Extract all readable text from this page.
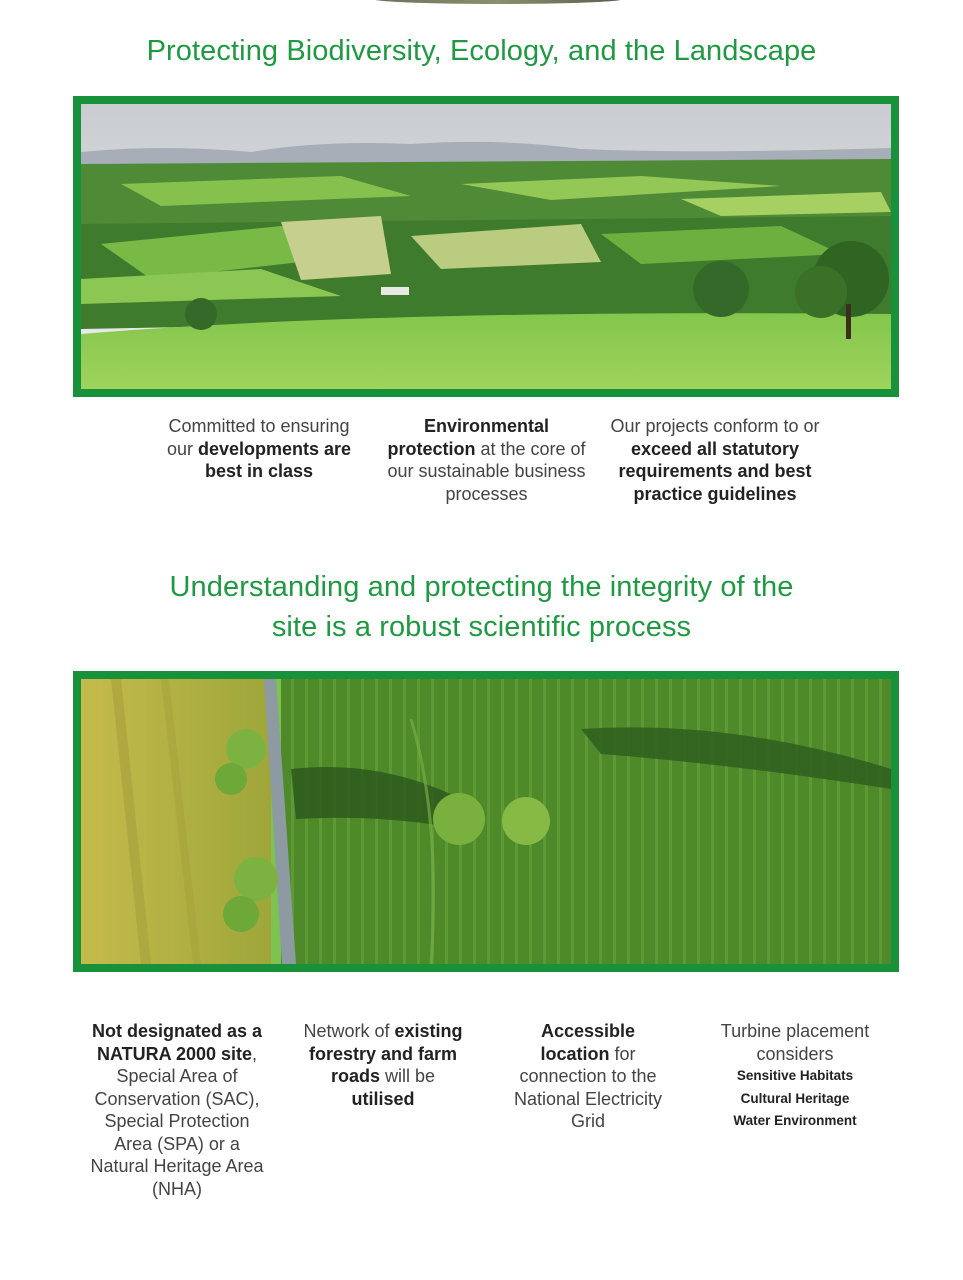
Protecting Biodiversity, Ecology, and the Landscape
Committed to ensuring our developments are best in class
Environmental protection at the core of our sustainable business processes
Our projects conform to or exceed all statutory requirements and best practice guidelines
Understanding and protecting the integrity of the
site is a robust scientific process
Not designated as a NATURA 2000 site, Special Area of Conservation (SAC), Special Protection Area (SPA) or a Natural Heritage Area (NHA)
Network of existing forestry and farm roads will be utilised
Accessible location for connection to the National Electricity Grid
Turbine placement considers
Sensitive Habitats
Cultural Heritage
Water Environment
